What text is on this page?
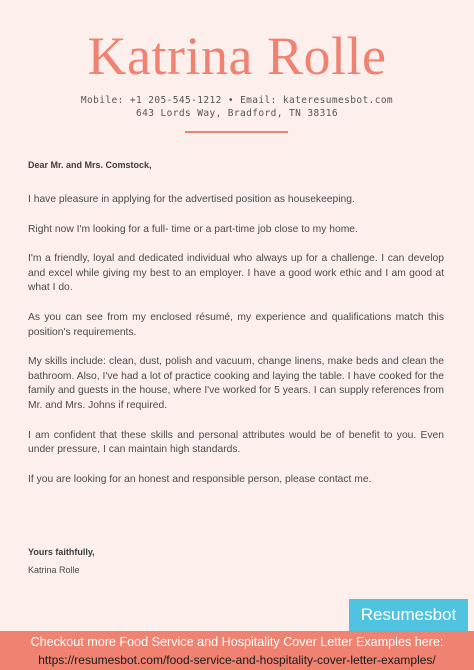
Katrina Rolle
Mobile: +1 205-545-1212 • Email: kateresumesbot.com
643 Lords Way, Bradford, TN 38316

Dear Mr. and Mrs. Comstock,

I have pleasure in applying for the advertised position as housekeeping.

Right now I'm looking for a full- time or a part-time job close to my home.

I'm a friendly, loyal and dedicated individual who always up for a challenge. I can develop and excel while giving my best to an employer. I have a good work ethic and I am good at what I do.

As you can see from my enclosed résumé, my experience and qualifications match this position's requirements.

My skills include: clean, dust, polish and vacuum, change linens, make beds and clean the bathroom. Also, I've had a lot of practice cooking and laying the table. I have cooked for the family and guests in the house, where I've worked for 5 years. I can supply references from Mr. and Mrs. Johns if required.

I am confident that these skills and personal attributes would be of benefit to you. Even under pressure, I can maintain high standards.

If you are looking for an honest and responsible person, please contact me.

Yours faithfully,
Katrina Rolle
Resumesbot
Checkout more Food Service and Hospitality Cover Letter Examples here:
https://resumesbot.com/food-service-and-hospitality-cover-letter-examples/
